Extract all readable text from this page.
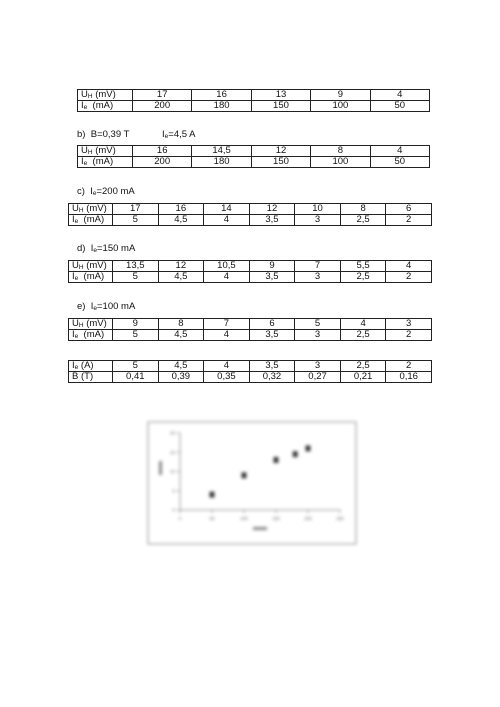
$U_H$ (mV)	17	16	13	9	4
$I_e$  (mA)	200	180	150	100	50
b) B=0,39 T	$I_e=4,5$ A
$U_H$ (mV)	16	14,5	12	8	4
$I_e$  (mA)	200	180	150	100	50
c) $I_e=200$ mA
$U_H$ (mV)	17	16	14	12	10	8	6
$I_e$  (mA)	5	4,5	4	3,5	3	2,5	2
d) $I_e=150$ mA
$U_H$ (mV)	13,5	12	10,5	9	7	5,5	4
$I_e$  (mA)	5	4,5	4	3,5	3	2,5	2
e) $I_e=100$ mA
$U_H$ (mV)	9	8	7	6	5	4	3
$I_e$  (mA)	5	4,5	4	3,5	3	2,5	2
$I_e$ (A)	5	4,5	4	3,5	3	2,5	2
B (T)	0,41	0,39	0,35	0,32	0,27	0,21	0,16
0	50	100	150	200	250
0
5
10
15
20
